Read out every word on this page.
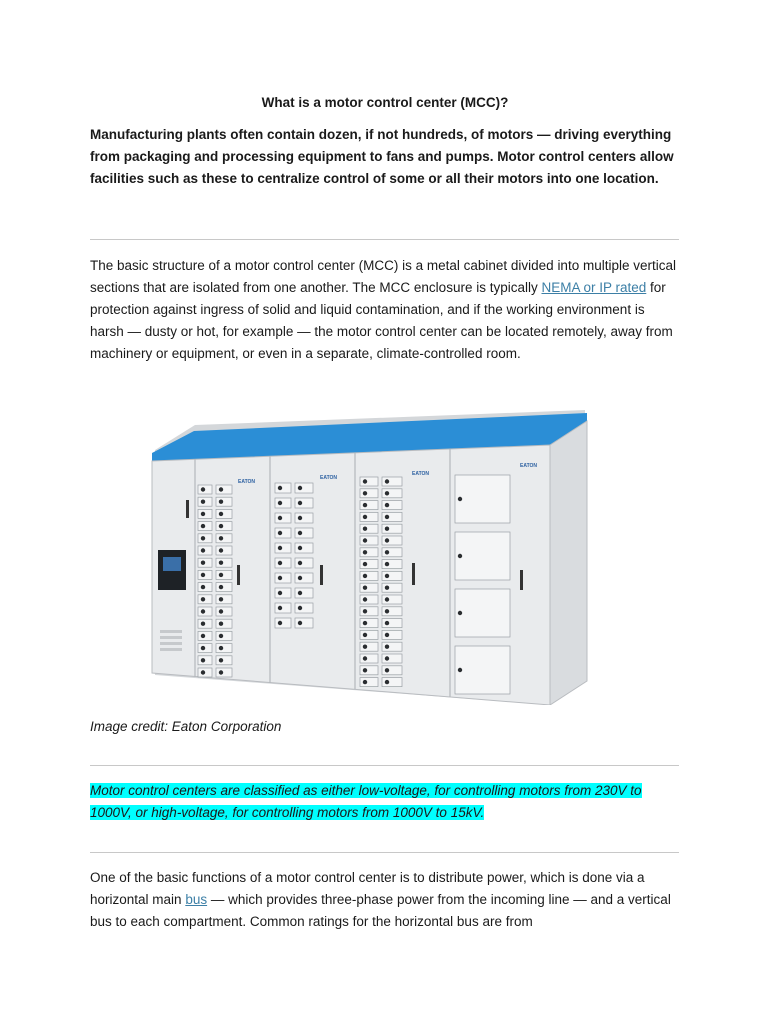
What is a motor control center (MCC)?
Manufacturing plants often contain dozen, if not hundreds, of motors — driving everything from packaging and processing equipment to fans and pumps. Motor control centers allow facilities such as these to centralize control of some or all their motors into one location.
The basic structure of a motor control center (MCC) is a metal cabinet divided into multiple vertical sections that are isolated from one another. The MCC enclosure is typically NEMA or IP rated for protection against ingress of solid and liquid contamination, and if the working environment is harsh — dusty or hot, for example — the motor control center can be located remotely, away from machinery or equipment, or even in a separate, climate-controlled room.
Image credit: Eaton Corporation
Motor control centers are classified as either low-voltage, for controlling motors from 230V to 1000V, or high-voltage, for controlling motors from 1000V to 15kV.
One of the basic functions of a motor control center is to distribute power, which is done via a horizontal main bus — which provides three-phase power from the incoming line — and a vertical bus to each compartment. Common ratings for the horizontal bus are from
EATON
EATON
EATON
EATON
